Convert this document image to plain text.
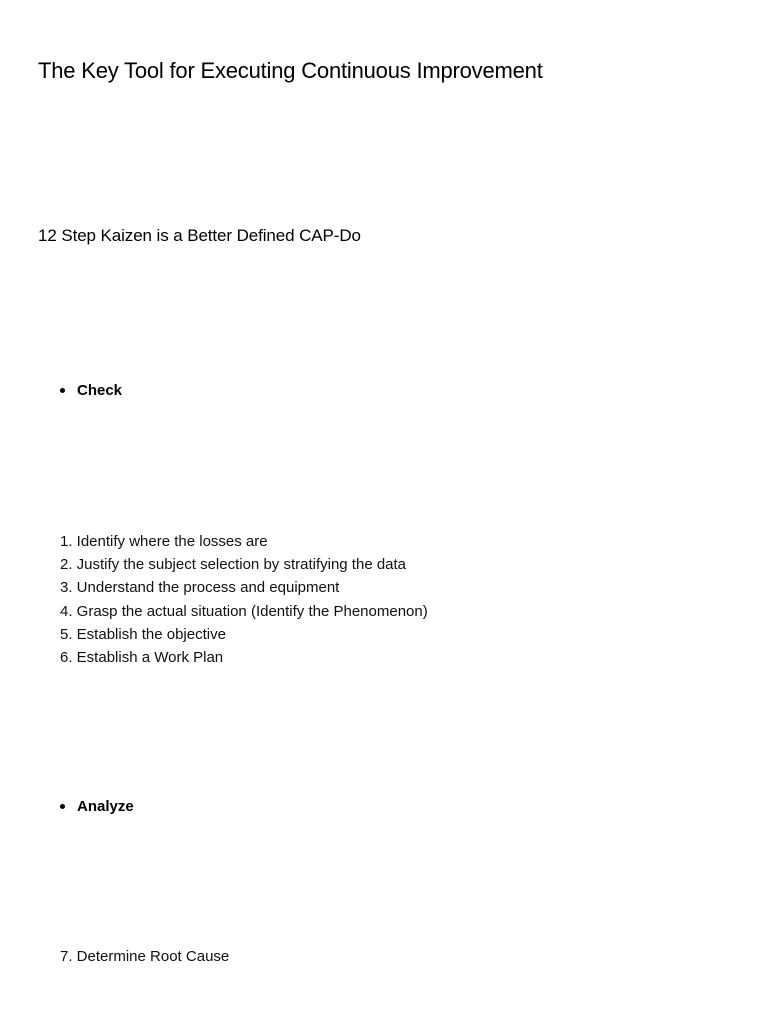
The Key Tool for Executing Continuous Improvement
12 Step Kaizen is a Better Defined CAP-Do
Check
1. Identify where the losses are
2. Justify the subject selection by stratifying the data
3. Understand the process and equipment
4. Grasp the actual situation (Identify the Phenomenon)
5. Establish the objective
6. Establish a Work Plan
Analyze
7. Determine Root Cause
